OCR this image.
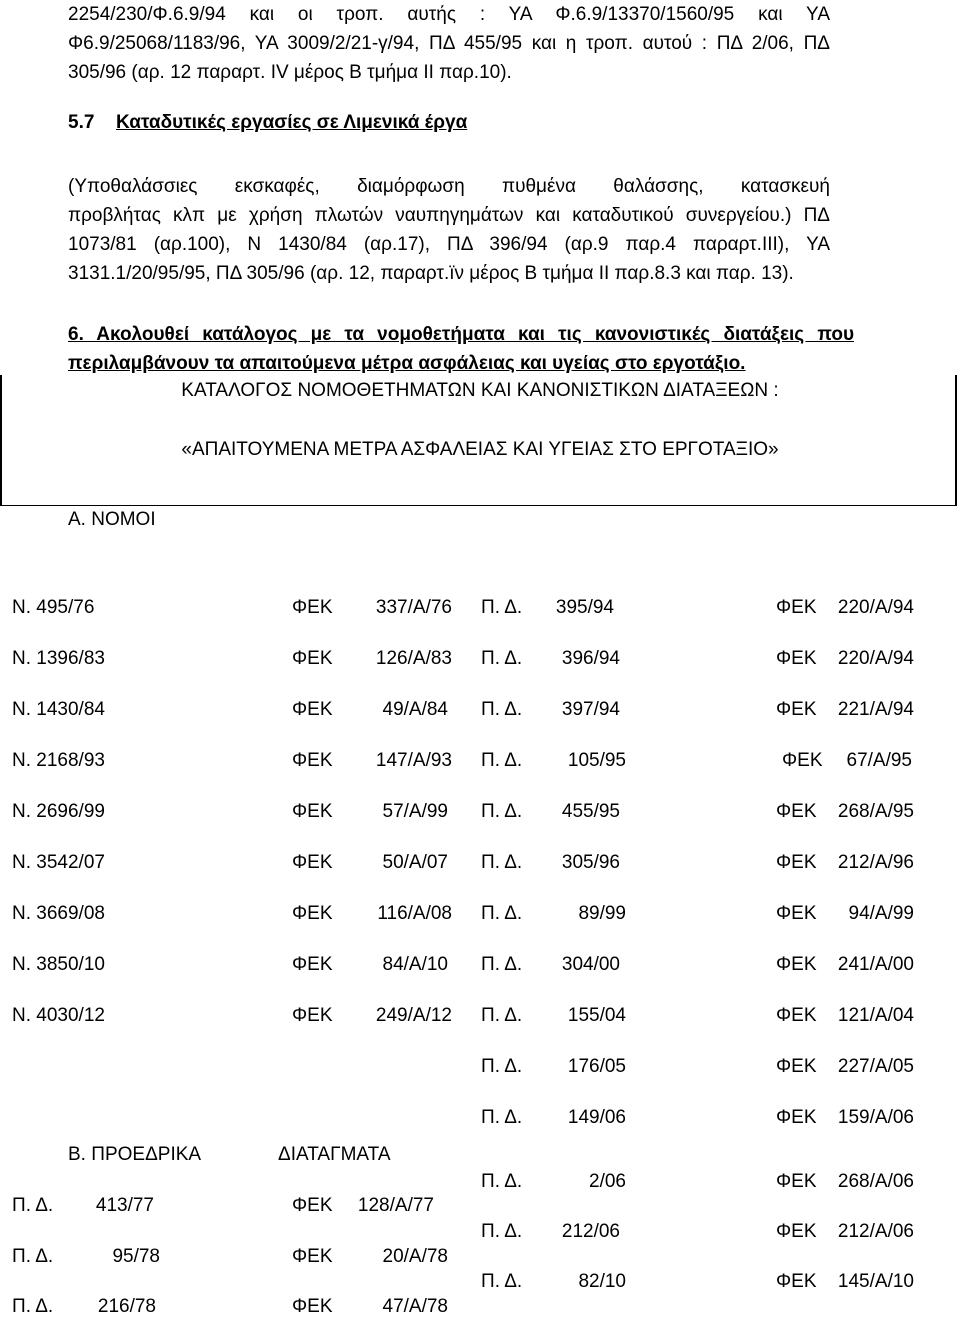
2254/230/Φ.6.9/94 και οι τροπ. αυτής : ΥΑ Φ.6.9/13370/1560/95 και ΥΑ
Φ6.9/25068/1183/96, ΥΑ 3009/2/21-γ/94, ΠΔ 455/95 και η τροπ. αυτού : ΠΔ 2/06, ΠΔ
305/96 (αρ. 12 παραρτ. IV μέρος Β τμήμα ΙΙ παρ.10).
5.7 Καταδυτικές εργασίες σε Λιμενικά έργα
(Υποθαλάσσιες εκσκαφές, διαμόρφωση πυθμένα θαλάσσης, κατασκευή
προβλήτας κλπ με χρήση πλωτών ναυπηγημάτων και καταδυτικού συνεργείου.) ΠΔ
1073/81 (αρ.100), Ν 1430/84 (αρ.17), ΠΔ 396/94 (αρ.9 παρ.4 παραρτ.ΙΙΙ), ΥΑ
3131.1/20/95/95, ΠΔ 305/96 (αρ. 12, παραρτ.ïν μέρος Β τμήμα ΙΙ παρ.8.3 και παρ. 13).
6. Ακολουθεί κατάλογος με τα νομοθετήματα και τις κανονιστικές διατάξεις που
περιλαμβάνουν τα απαιτούμενα μέτρα ασφάλειας και υγείας στο εργοτάξιο.
ΚΑΤΑΛΟΓΟΣ ΝΟΜΟΘΕΤΗΜΑΤΩΝ ΚΑΙ ΚΑΝΟΝΙΣΤΙΚΩΝ ΔΙΑΤΑΞΕΩΝ :
«ΑΠΑΙΤΟΥΜΕΝΑ ΜΕΤΡΑ ΑΣΦΑΛΕΙΑΣ ΚΑΙ ΥΓΕΙΑΣ ΣΤΟ ΕΡΓΟΤΑΞΙΟ»
Α. ΝΟΜΟΙ
Ν. 495/76	ΦΕΚ	337/Α/76
Ν. 1396/83	ΦΕΚ	126/Α/83
Ν. 1430/84	ΦΕΚ	49/Α/84
Ν. 2168/93	ΦΕΚ	147/Α/93
Ν. 2696/99	ΦΕΚ	57/Α/99
Ν. 3542/07	ΦΕΚ	50/Α/07
Ν. 3669/08	ΦΕΚ	116/Α/08
Ν. 3850/10	ΦΕΚ	84/Α/10
Ν. 4030/12	ΦΕΚ	249/Α/12
Π. Δ.	395/94	ΦΕΚ	220/Α/94
Π. Δ.	396/94	ΦΕΚ	220/Α/94
Π. Δ.	397/94	ΦΕΚ	221/Α/94
Π. Δ.	105/95	ΦΕΚ	67/Α/95
Π. Δ.	455/95	ΦΕΚ	268/Α/95
Π. Δ.	305/96	ΦΕΚ	212/Α/96
Π. Δ.	89/99	ΦΕΚ	94/Α/99
Π. Δ.	304/00	ΦΕΚ	241/Α/00
Π. Δ.	155/04	ΦΕΚ	121/Α/04
Π. Δ.	176/05	ΦΕΚ	227/Α/05
Π. Δ.	149/06	ΦΕΚ	159/Α/06
Π. Δ.	2/06	ΦΕΚ	268/Α/06
Π. Δ.	212/06	ΦΕΚ	212/Α/06
Π. Δ.	82/10	ΦΕΚ	145/Α/10
Β. ΠΡΟΕΔΡΙΚΑ	ΔΙΑΤΑΓΜΑΤΑ
Π. Δ.	413/77	ΦΕΚ	128/Α/77
Π. Δ.	95/78	ΦΕΚ	20/Α/78
Π. Δ.	216/78	ΦΕΚ	47/Α/78
